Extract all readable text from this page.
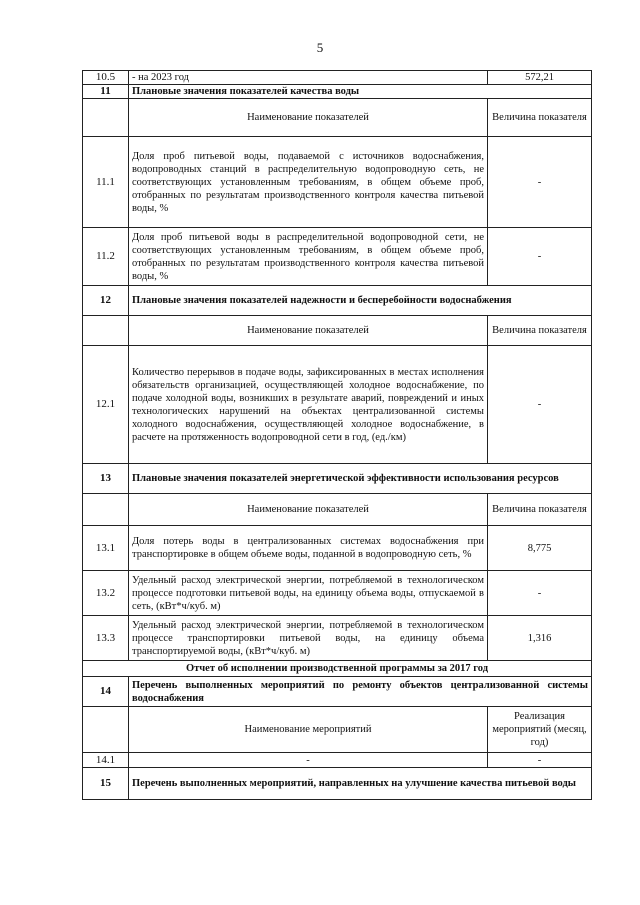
5
10.5	- на 2023 год	572,21
11	Плановые значения показателей качества воды	
	Наименование показателей	Величина показателя
11.1	Доля проб питьевой воды, подаваемой с источников водоснабжения, водопроводных станций в распределительную водопроводную сеть, не соответствующих установленным требованиям, в общем объеме проб, отобранных по результатам производственного контроля качества питьевой воды, %	-
11.2	Доля проб питьевой воды в распределительной водопроводной сети, не соответствующих установленным требованиям, в общем объеме проб, отобранных по результатам производственного контроля качества питьевой воды, %	-
12	Плановые значения показателей надежности и бесперебойности водоснабжения	
	Наименование показателей	Величина показателя
12.1	Количество перерывов в подаче воды, зафиксированных в местах исполнения обязательств организацией, осуществляющей холодное водоснабжение, по подаче холодной воды, возникших в результате аварий, повреждений и иных технологических нарушений на объектах централизованной системы холодного водоснабжения, осуществляющей холодное водоснабжение, в расчете на протяженность водопроводной сети в год, (ед./км)	-
13	Плановые значения показателей энергетической эффективности использования ресурсов	
	Наименование показателей	Величина показателя
13.1	Доля потерь воды в централизованных системах водоснабжения при транспортировке в общем объеме воды, поданной в водопроводную сеть, %	8,775
13.2	Удельный расход электрической энергии, потребляемой в технологическом процессе подготовки питьевой воды, на единицу объема воды, отпускаемой в сеть, (кВт*ч/куб. м)	-
13.3	Удельный расход электрической энергии, потребляемой в технологическом процессе транспортировки питьевой воды, на единицу объема транспортируемой воды, (кВт*ч/куб. м)	1,316
Отчет об исполнении производственной программы за 2017 год		
14	Перечень выполненных мероприятий по ремонту объектов централизованной системы водоснабжения	
	Наименование мероприятий	Реализация мероприятий (месяц, год)
14.1	-	-
15	Перечень выполненных мероприятий, направленных на улучшение качества питьевой воды	
